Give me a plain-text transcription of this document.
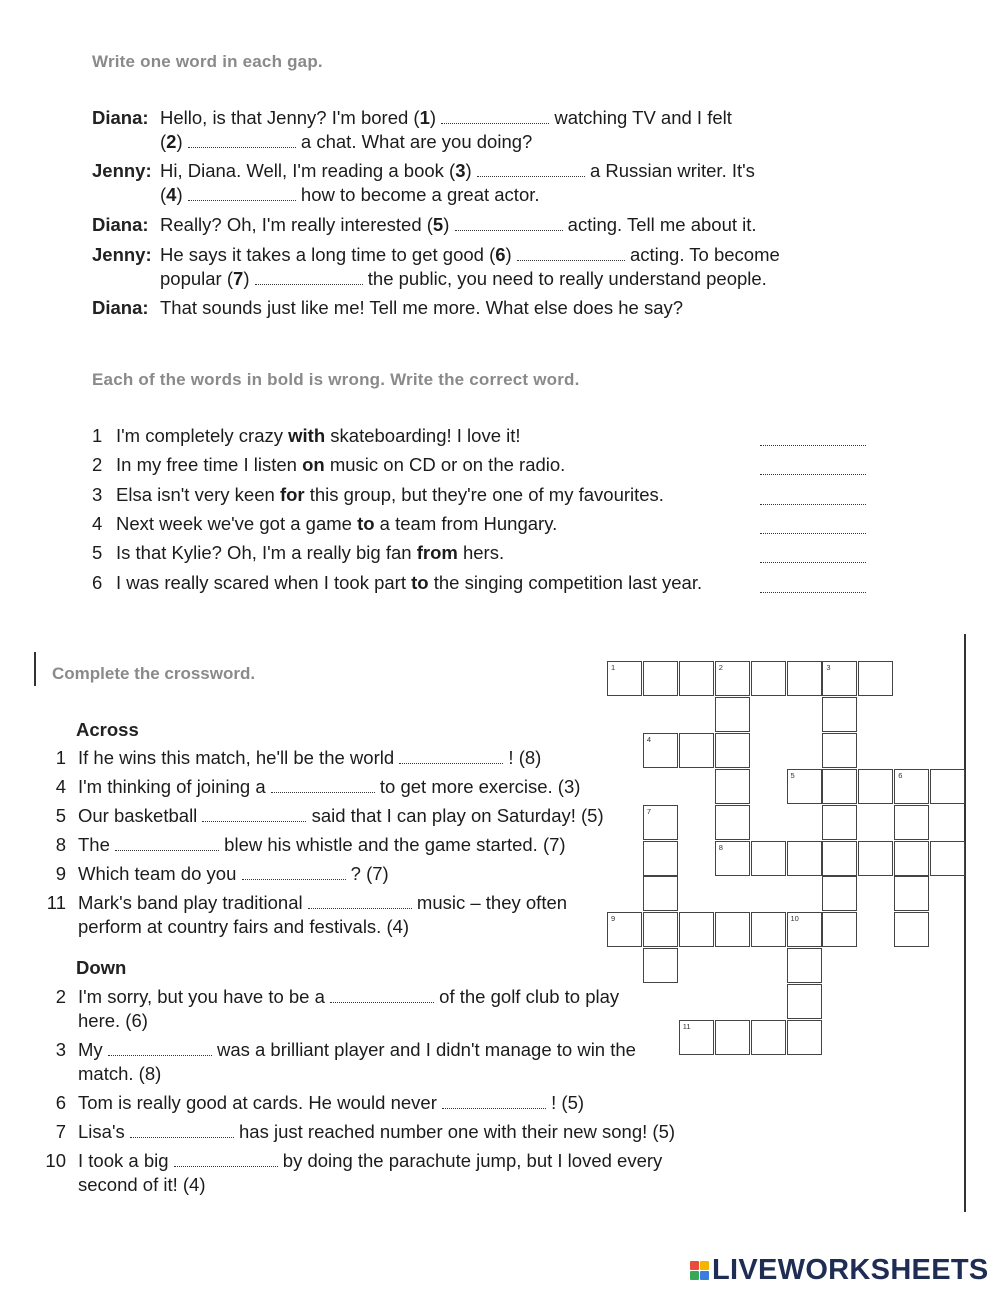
Write one word in each gap.
Diana: Hello, is that Jenny? I'm bored (1)	watching TV and I felt
(2)	a chat. What are you doing?
Jenny: Hi, Diana. Well, I'm reading a book (3)	a Russian writer. It's
(4)	how to become a great actor.
Diana: Really? Oh, I'm really interested (5)	acting. Tell me about it.
Jenny: He says it takes a long time to get good (6)	acting. To become
popular (7)	the public, you need to really understand people.
Diana: That sounds just like me! Tell me more. What else does he say?
Each of the words in bold is wrong. Write the correct word.
1 I'm completely crazy with skateboarding! I love it!
2 In my free time I listen on music on CD or on the radio.
3 Elsa isn't very keen for this group, but they're one of my favourites.
4 Next week we've got a game to a team from Hungary.
5 Is that Kylie? Oh, I'm a really big fan from hers.
6 I was really scared when I took part to the singing competition last year.
Complete the crossword.
Across
Down
1 If he wins this match, he'll be the world	! (8)
4 I'm thinking of joining a	to get more exercise. (3)
5 Our basketball	said that I can play on Saturday! (5)
8 The	blew his whistle and the game started. (7)
9 Which team do you	? (7)
11 Mark's band play traditional	music – they often perform at country fairs and festivals. (4)
2 I'm sorry, but you have to be a	of the golf club to play here. (6)
3 My	was a brilliant player and I didn't manage to win the match. (8)
6 Tom is really good at cards. He would never	! (5)
7 Lisa's	has just reached number one with their new song! (5)
10 I took a big	by doing the parachute jump, but I loved every second of it! (4)
1	2	3
8
4
5	6
7
9	10
11
LIVEWORKSHEETS
